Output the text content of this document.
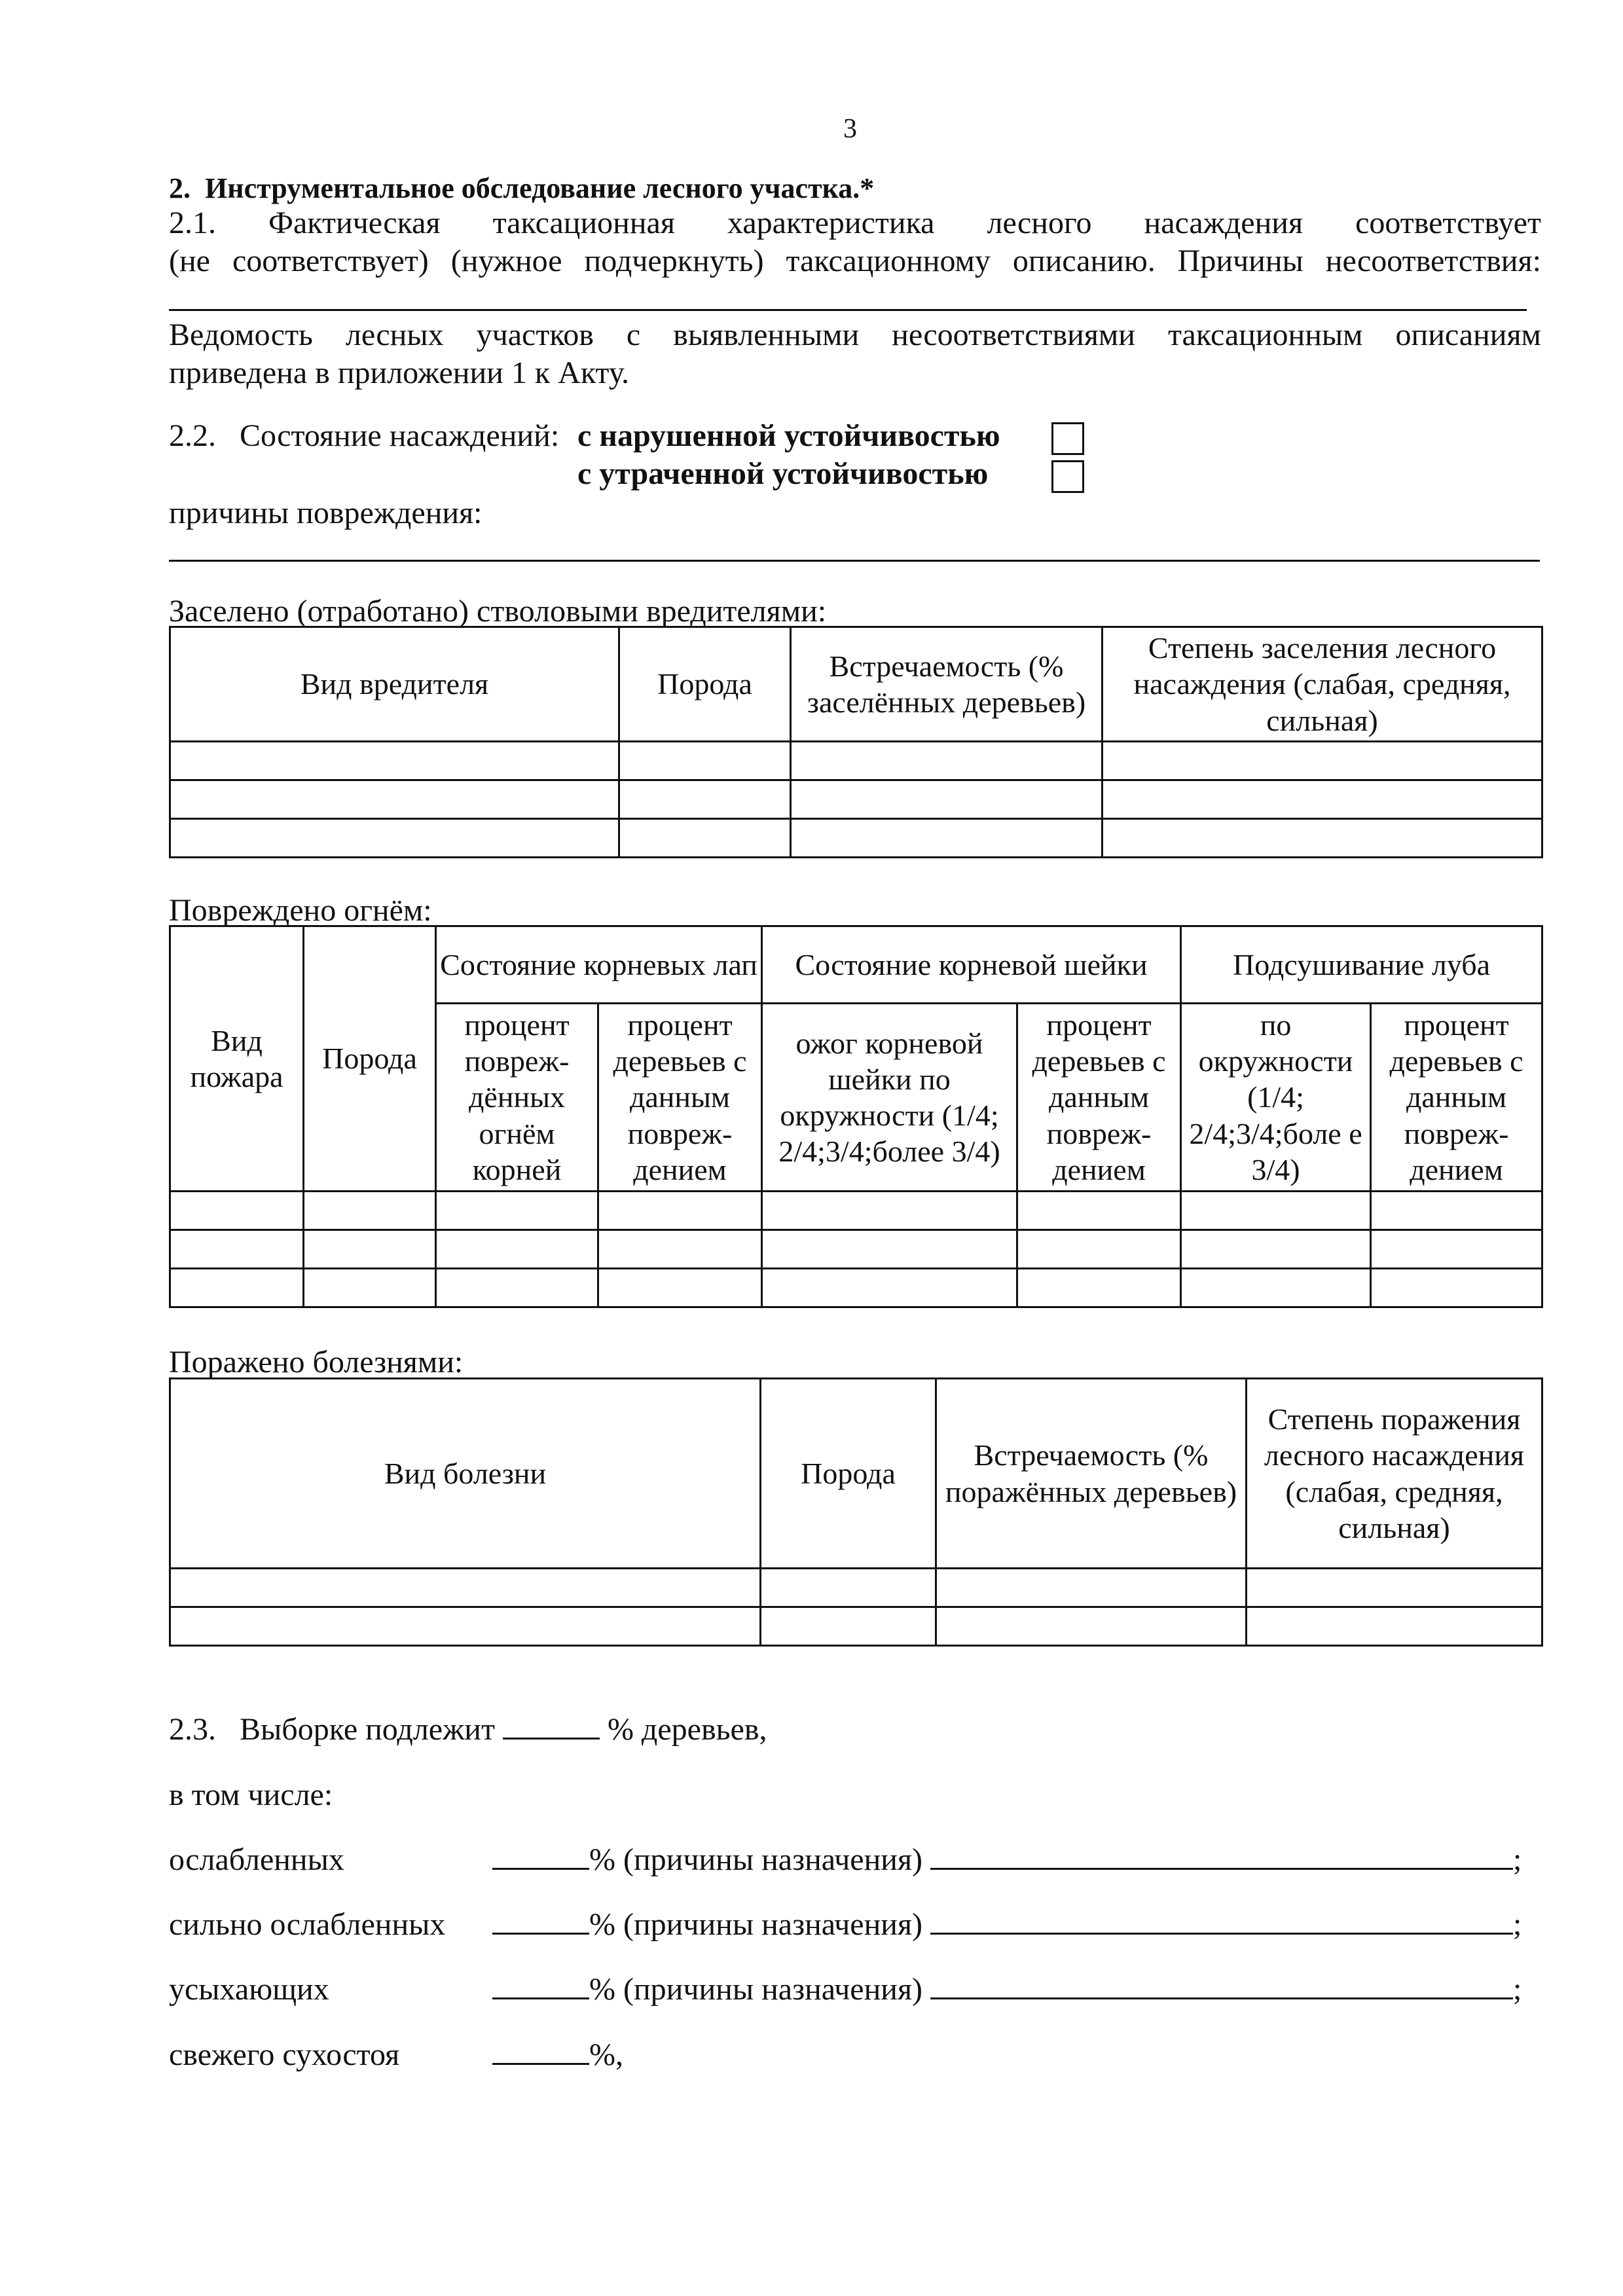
3
2. Инструментальное обследование лесного участка.*
2.1. Фактическая таксационная характеристика лесного насаждения соответствует
(не соответствует) (нужное подчеркнуть) таксационному описанию. Причины несоответствия:
Ведомость лесных участков с выявленными несоответствиями таксационным описаниям
приведена в приложении 1 к Акту.
2.2. Состояние насаждений: с нарушенной устойчивостью
с утраченной устойчивостью
причины повреждения:
Заселено (отработано) стволовыми вредителями:
Вид вредителя	Порода	Встречаемость (% заселённых деревьев)	Степень заселения лесного насаждения (слабая, средняя, сильная)

Повреждено огнём:
Вид пожара	Порода	Состояние корневых лап		Состояние корневой шейки		Подсушивание луба	
		процент повреж-дённых огнём корней	процент деревьев с данным повреж-дением	ожог корневой шейки по окружности (1/4; 2/4;3/4;более 3/4)	процент деревьев с данным повреж-дением	по окружности (1/4; 2/4;3/4;боле е 3/4)	процент деревьев с данным повреж-дением

Поражено болезнями:
Вид болезни	Порода	Встречаемость (% поражённых деревьев)	Степень поражения лесного насаждения (слабая, средняя, сильная)

2.3. Выборке подлежит	% деревьев,
в том числе:
ослабленных	% (причины назначения)	;
сильно ослабленных	% (причины назначения)	;
усыхающих	% (причины назначения)	;
свежего сухостоя	%,
